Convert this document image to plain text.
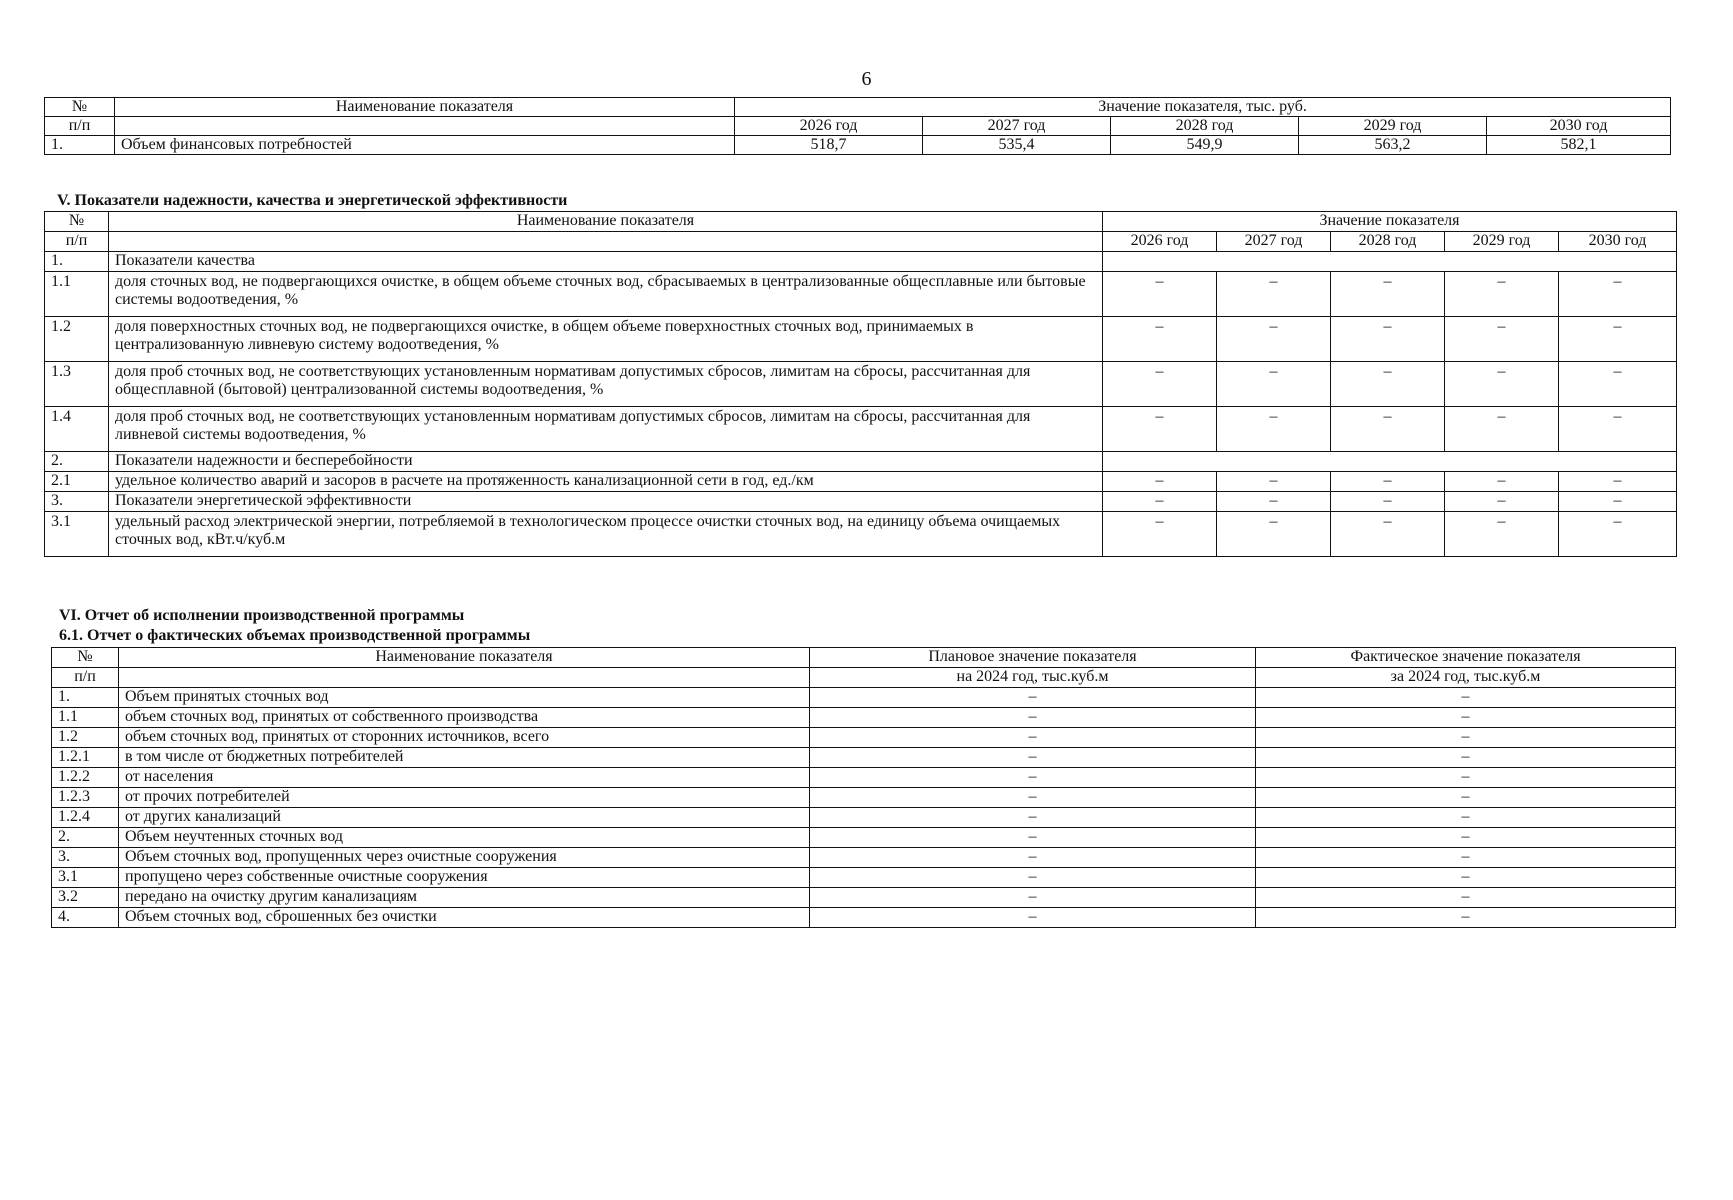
6
№	Наименование показателя	Значение показателя, тыс. руб.				
п/п		2026 год	2027 год	2028 год	2029 год	2030 год
1.	Объем финансовых потребностей	518,7	535,4	549,9	563,2	582,1
V. Показатели надежности, качества и энергетической эффективности
№	Наименование показателя	Значение показателя				
п/п		2026 год	2027 год	2028 год	2029 год	2030 год
1.	Показатели качества					
1.1	доля сточных вод, не подвергающихся очистке, в общем объеме сточных вод, сбрасываемых в централизованные общесплавные или бытовые системы водоотведения, %	–	–	–	–	–
1.2	доля поверхностных сточных вод, не подвергающихся очистке, в общем объеме поверхностных сточных вод, принимаемых в централизованную ливневую систему водоотведения, %	–	–	–	–	–
1.3	доля проб сточных вод, не соответствующих установленным нормативам допустимых сбросов, лимитам на сбросы, рассчитанная для общесплавной (бытовой) централизованной системы водоотведения, %	–	–	–	–	–
1.4	доля проб сточных вод, не соответствующих установленным нормативам допустимых сбросов, лимитам на сбросы, рассчитанная для ливневой системы водоотведения, %	–	–	–	–	–
2.	Показатели надежности и бесперебойности					
2.1	удельное количество аварий и засоров в расчете на протяженность канализационной сети в год, ед./км	–	–	–	–	–
3.	Показатели энергетической эффективности	–	–	–	–	–
3.1	удельный расход электрической энергии, потребляемой в технологическом процессе очистки сточных вод, на единицу объема очищаемых сточных вод, кВт.ч/куб.м	–	–	–	–	–
VI. Отчет об исполнении производственной программы
6.1. Отчет о фактических объемах производственной программы
№	Наименование показателя	Плановое значение показателя	Фактическое значение показателя
п/п		на 2024 год, тыс.куб.м	за 2024 год, тыс.куб.м
1.	Объем принятых сточных вод	–	–
1.1	объем сточных вод, принятых от собственного производства	–	–
1.2	объем сточных вод, принятых от сторонних источников, всего	–	–
1.2.1	в том числе от бюджетных потребителей	–	–
1.2.2	от населения	–	–
1.2.3	от прочих потребителей	–	–
1.2.4	от других канализаций	–	–
2.	Объем неучтенных сточных вод	–	–
3.	Объем сточных вод, пропущенных через очистные сооружения	–	–
3.1	пропущено через собственные очистные сооружения	–	–
3.2	передано на очистку другим канализациям	–	–
4.	Объем сточных вод, сброшенных без очистки	–	–
